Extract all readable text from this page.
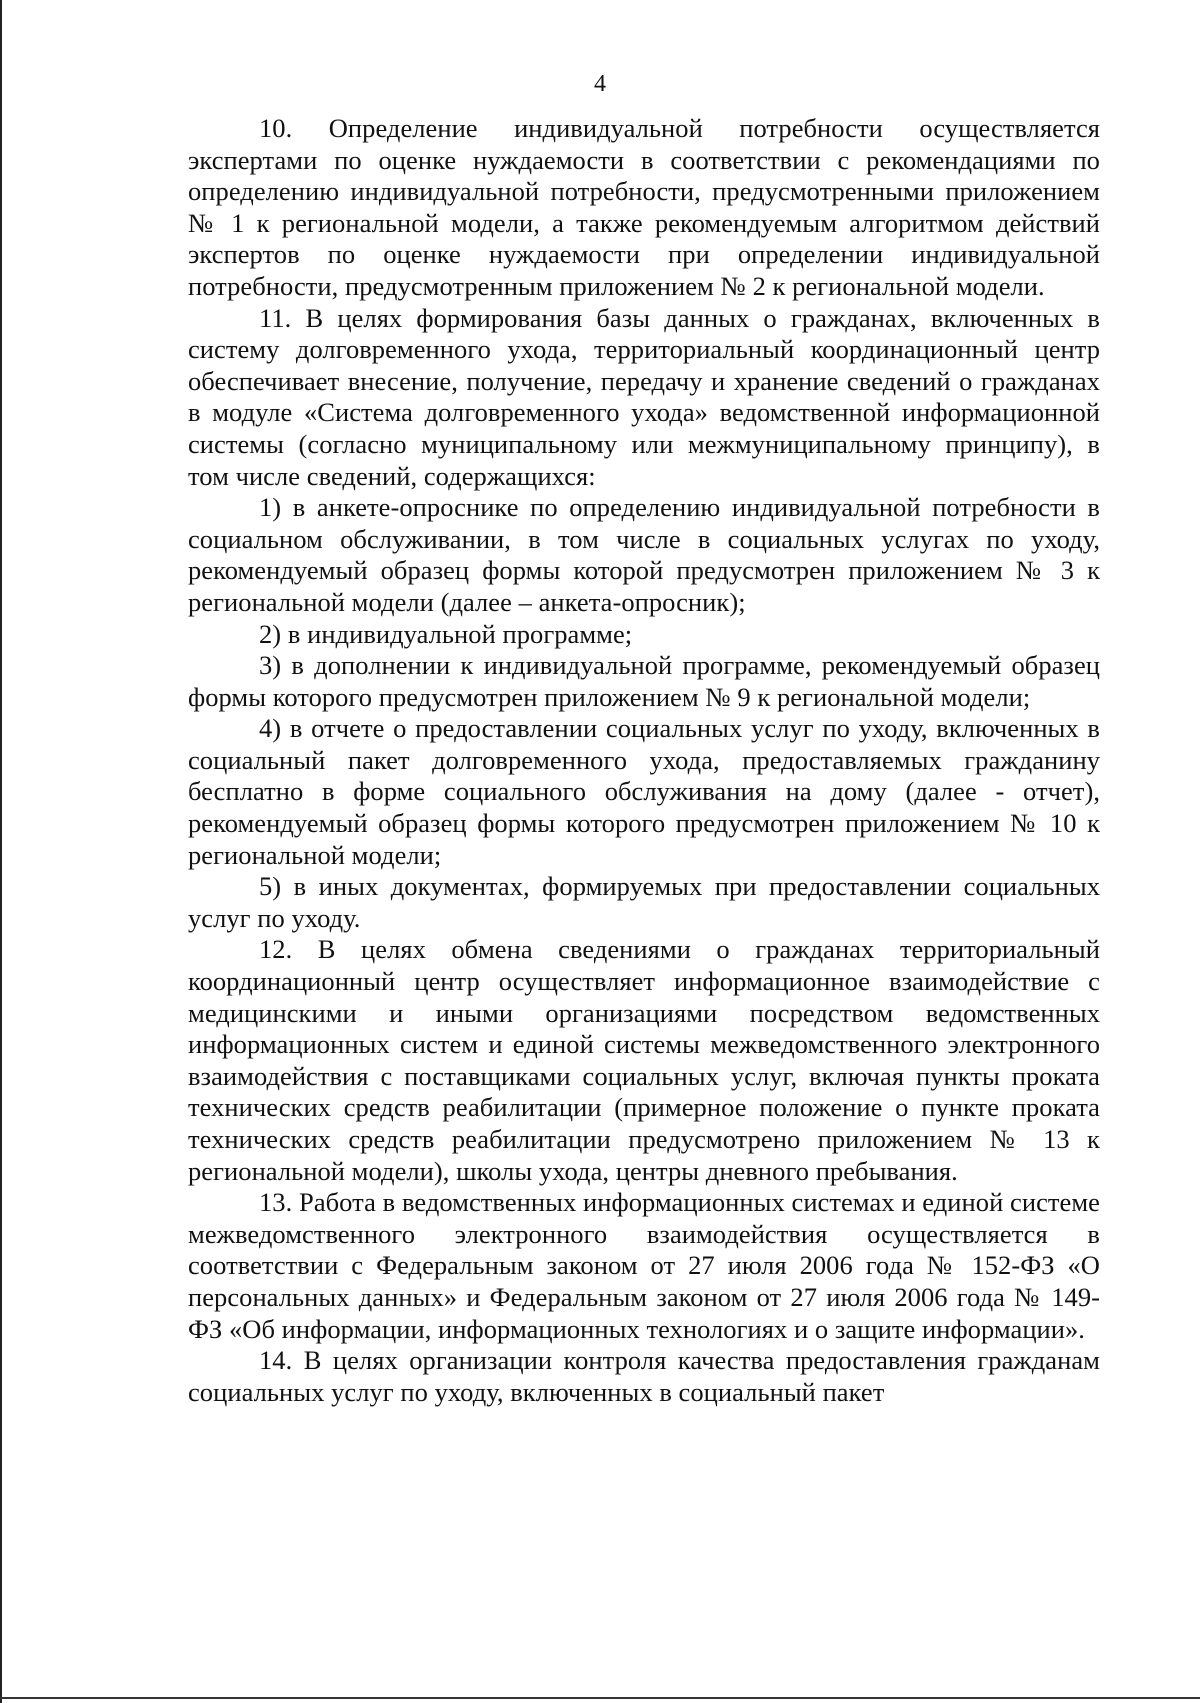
4

10. Определение индивидуальной потребности осуществляется экспертами по оценке нуждаемости в соответствии с рекомендациями по определению индивидуальной потребности, предусмотренными приложением № 1 к региональной модели, а также рекомендуемым алгоритмом действий экспертов по оценке нуждаемости при определении индивидуальной потребности, предусмотренным приложением № 2 к региональной модели.

11. В целях формирования базы данных о гражданах, включенных в систему долговременного ухода, территориальный координационный центр обеспечивает внесение, получение, передачу и хранение сведений о гражданах в модуле «Система долговременного ухода» ведомственной информационной системы (согласно муниципальному или межмуниципальному принципу), в том числе сведений, содержащихся:

1) в анкете-опроснике по определению индивидуальной потребности в социальном обслуживании, в том числе в социальных услугах по уходу, рекомендуемый образец формы которой предусмотрен приложением № 3 к региональной модели (далее – анкета-опросник);

2) в индивидуальной программе;

3) в дополнении к индивидуальной программе, рекомендуемый образец формы которого предусмотрен приложением № 9 к региональной модели;

4) в отчете о предоставлении социальных услуг по уходу, включенных в социальный пакет долговременного ухода, предоставляемых гражданину бесплатно в форме социального обслуживания на дому (далее - отчет), рекомендуемый образец формы которого предусмотрен приложением № 10 к региональной модели;

5) в иных документах, формируемых при предоставлении социальных услуг по уходу.

12. В целях обмена сведениями о гражданах территориальный координационный центр осуществляет информационное взаимодействие с медицинскими и иными организациями посредством ведомственных информационных систем и единой системы межведомственного электронного взаимодействия с поставщиками социальных услуг, включая пункты проката технических средств реабилитации (примерное положение о пункте проката технических средств реабилитации предусмотрено приложением № 13 к региональной модели), школы ухода, центры дневного пребывания.

13. Работа в ведомственных информационных системах и единой системе межведомственного электронного взаимодействия осуществляется в соответствии с Федеральным законом от 27 июля 2006 года № 152-ФЗ «О персональных данных» и Федеральным законом от 27 июля 2006 года № 149-ФЗ «Об информации, информационных технологиях и о защите информации».

14. В целях организации контроля качества предоставления гражданам социальных услуг по уходу, включенных в социальный пакет
